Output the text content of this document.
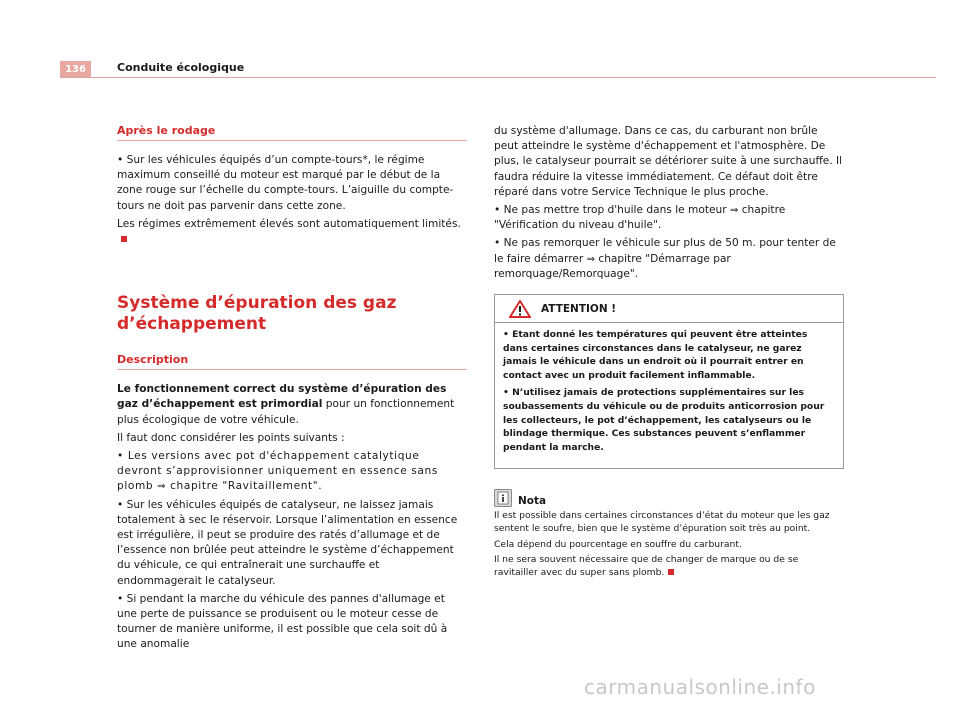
136	Conduite écologique
Après le rodage

• Sur les véhicules équipés d’un compte-tours*, le régime maximum conseillé du moteur est marqué par le début de la zone rouge sur l’échelle du compte-tours. L’aiguille du compte-tours ne doit pas parvenir dans cette zone.

Les régimes extrêmement élevés sont automatiquement limités.

Système d’épuration des gaz
d’échappement
Description

Le fonctionnement correct du système d’épuration des gaz d’échappement est primordial pour un fonctionnement plus écologique de votre véhicule.

Il faut donc considérer les points suivants :

• Les versions avec pot d'échappement catalytique devront s’approvisionner uniquement en essence sans plomb ⇒ chapitre "Ravitaillement".

• Sur les véhicules équipés de catalyseur, ne laissez jamais totalement à sec le réservoir. Lorsque l’alimentation en essence est irrégulière, il peut se produire des ratés d’allumage et de l’essence non brûlée peut atteindre le système d’échappement du véhicule, ce qui entraînerait une surchauffe et endommagerait le catalyseur.

• Si pendant la marche du véhicule des pannes d'allumage et une perte de puissance se produisent ou le moteur cesse de tourner de manière uniforme, il est possible que cela soit dû à une anomalie

du système d'allumage. Dans ce cas, du carburant non brûle peut atteindre le système d'échappement et l'atmosphère. De plus, le catalyseur pourrait se détériorer suite à une surchauffe. Il faudra réduire la vitesse immédiatement. Ce défaut doit être réparé dans votre Service Technique le plus proche.

• Ne pas mettre trop d'huile dans le moteur ⇒ chapitre "Vérification du niveau d'huile".

• Ne pas remorquer le véhicule sur plus de 50 m. pour tenter de le faire démarrer ⇒ chapitre "Démarrage par remorquage/Remorquage".

ATTENTION !

• Etant donné les températures qui peuvent être atteintes dans certaines circonstances dans le catalyseur, ne garez jamais le véhicule dans un endroit où il pourrait entrer en contact avec un produit facilement inflammable.

• N’utilisez jamais de protections supplémentaires sur les soubassements du véhicule ou de produits anticorrosion pour les collecteurs, le pot d’échappement, les catalyseurs ou le blindage thermique. Ces substances peuvent s’enflammer pendant la marche.

Nota

Il est possible dans certaines circonstances d’état du moteur que les gaz sentent le soufre, bien que le système d’épuration soit très au point.

Cela dépend du pourcentage en souffre du carburant.

Il ne sera souvent nécessaire que de changer de marque ou de se ravitailler avec du super sans plomb.

carmanualsonline.info
